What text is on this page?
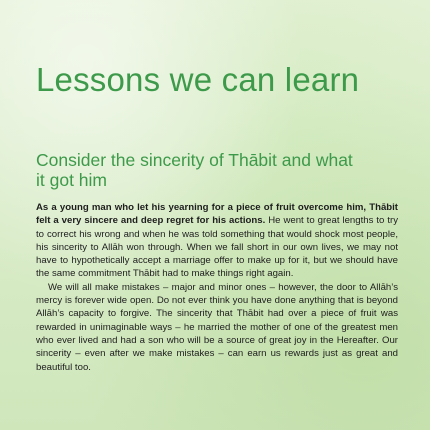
Lessons we can learn
Consider the sincerity of Thābit and what it got him

As a young man who let his yearning for a piece of fruit overcome him, Thābit felt a very sincere and deep regret for his actions. He went to great lengths to try to correct his wrong and when he was told something that would shock most people, his sincerity to Allāh won through. When we fall short in our own lives, we may not have to hypothetically accept a marriage offer to make up for it, but we should have the same commitment Thābit had to make things right again.

We will all make mistakes – major and minor ones – however, the door to Allāh’s mercy is forever wide open. Do not ever think you have done anything that is beyond Allāh’s capacity to forgive. The sincerity that Thābit had over a piece of fruit was rewarded in unimaginable ways – he married the mother of one of the greatest men who ever lived and had a son who will be a source of great joy in the Hereafter. Our sincerity – even after we make mistakes – can earn us rewards just as great and beautiful too.
